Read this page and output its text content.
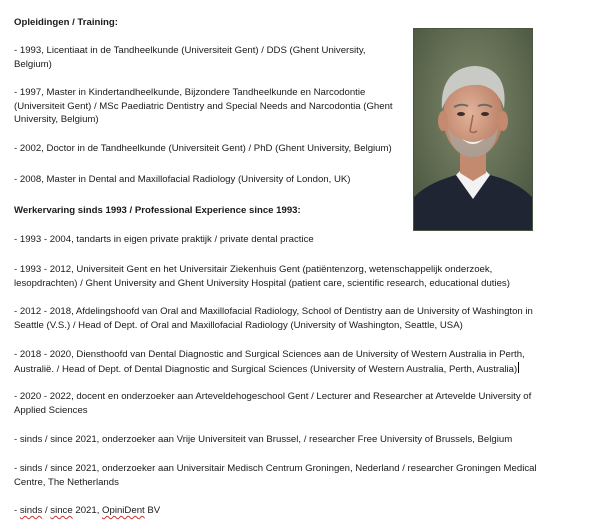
Opleidingen / Training:
- 1993, Licentiaat in de Tandheelkunde (Universiteit Gent) / DDS (Ghent University, Belgium)
- 1997, Master in Kindertandheelkunde, Bijzondere Tandheelkunde en Narcodontie (Universiteit Gent) / MSc Paediatric Dentistry and Special Needs and Narcodontia (Ghent University, Belgium)
- 2002, Doctor in de Tandheelkunde (Universiteit Gent) / PhD (Ghent University, Belgium)
- 2008, Master in Dental and Maxillofacial Radiology (University of London, UK)
Werkervaring sinds 1993 / Professional Experience since 1993:
- 1993 - 2004, tandarts in eigen private praktijk / private dental practice
- 1993 - 2012, Universiteit Gent en het Universitair Ziekenhuis Gent (patiëntenzorg, wetenschappelijk onderzoek, lesopdrachten) / Ghent University and Ghent University Hospital (patient care, scientific research, educational duties)
- 2012 - 2018, Afdelingshoofd van Oral and Maxillofacial Radiology, School of Dentistry aan de University of Washington in Seattle (V.S.) / Head of Dept. of Oral and Maxillofacial Radiology (University of Washington, Seattle, USA)
- 2018 - 2020, Diensthoofd van Dental Diagnostic and Surgical Sciences aan de University of Western Australia in Perth, Australië. / Head of Dept. of Dental Diagnostic and Surgical Sciences (University of Western Australia, Perth, Australia)
- 2020 - 2022, docent en onderzoeker aan Arteveldehogeschool Gent / Lecturer and Researcher at Artevelde University of Applied Sciences
- sinds / since 2021, onderzoeker aan Vrije Universiteit van Brussel, / researcher Free University of Brussels, Belgium
- sinds / since 2021, onderzoeker aan Universitair Medisch Centrum Groningen, Nederland / researcher Groningen Medical Centre, The Netherlands
- sinds / since 2021, OpiniDent BV
